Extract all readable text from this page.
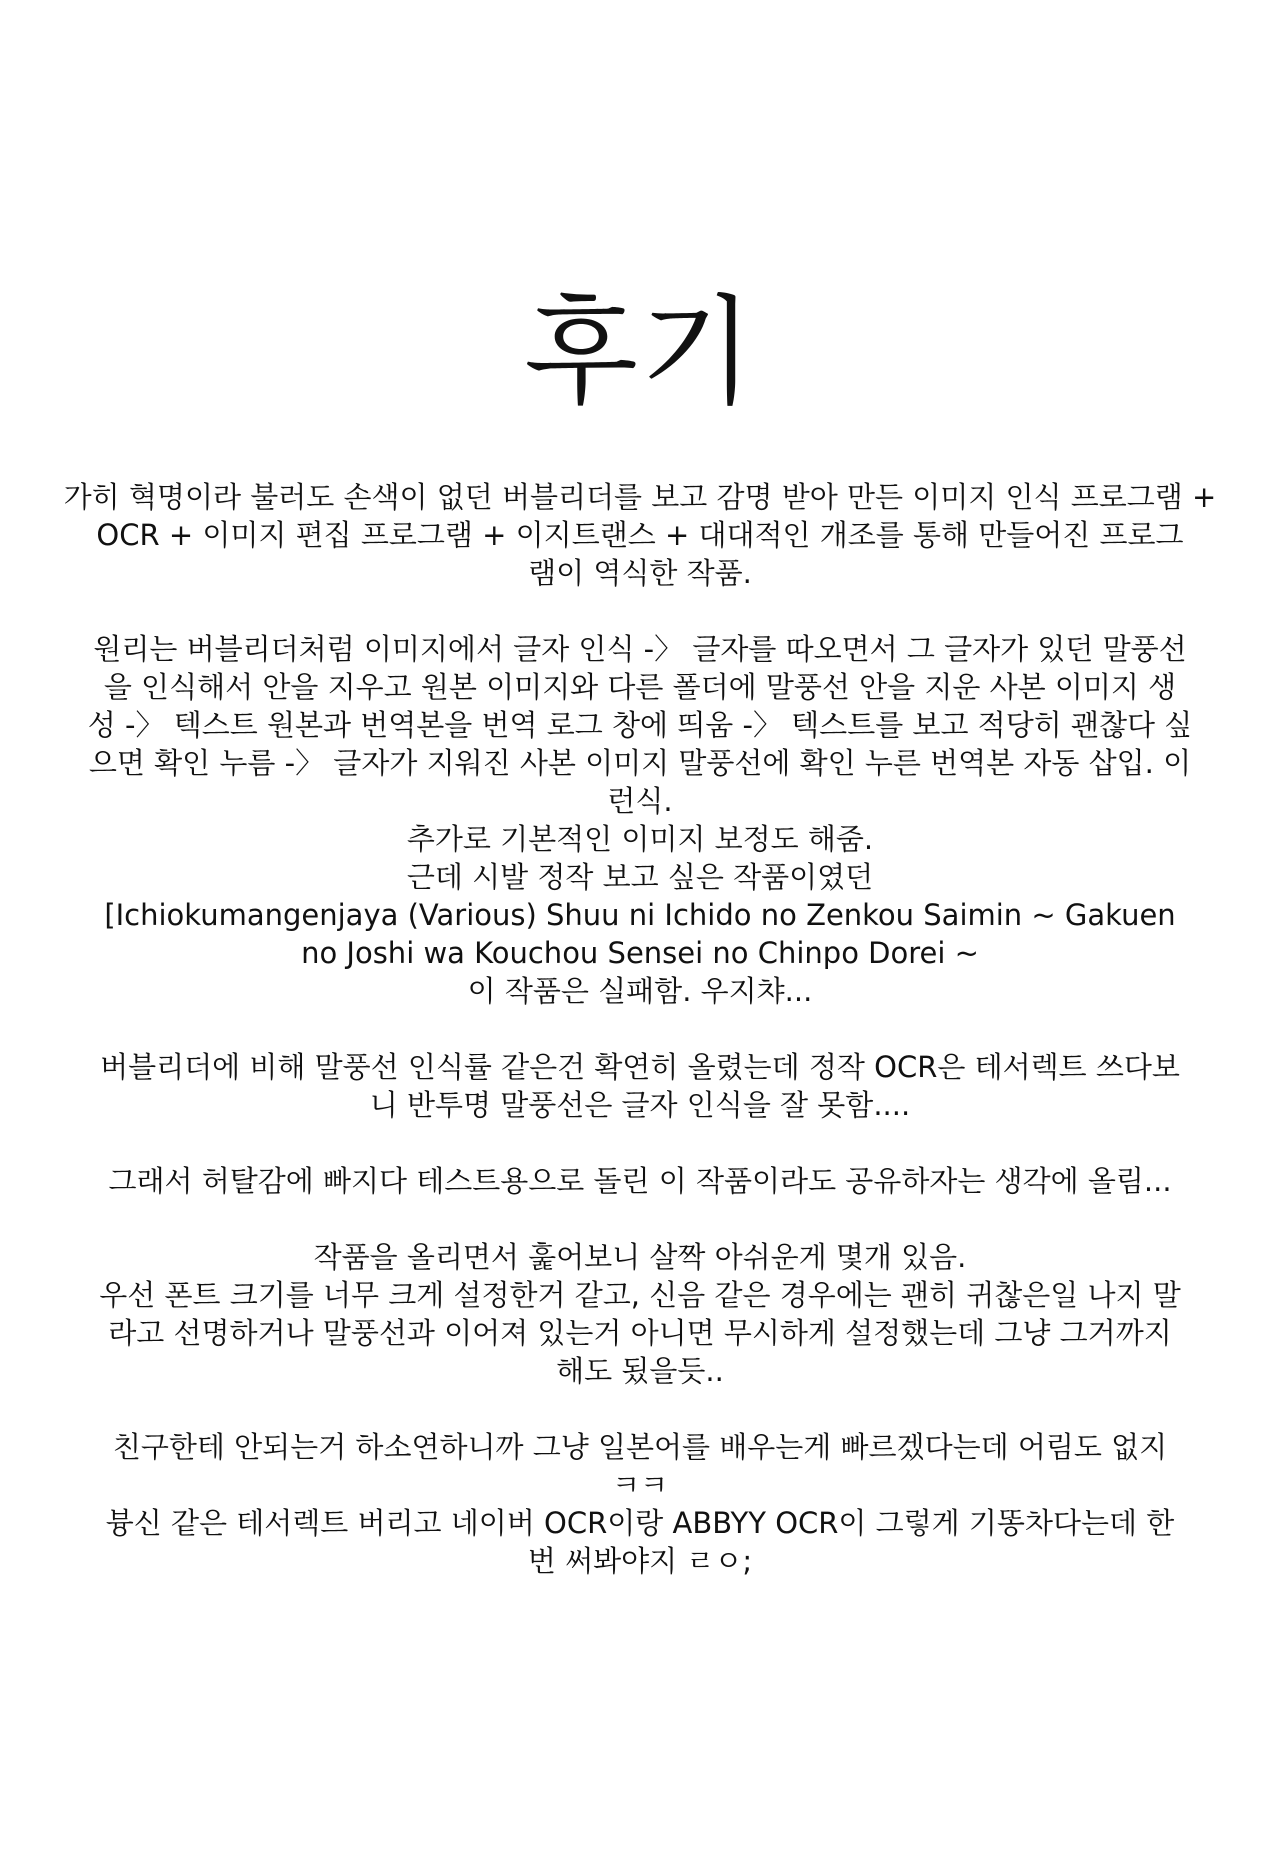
후기

가히 혁명이라 불러도 손색이 없던 버블리더를 보고 감명 받아 만든 이미지 인식 프로그램 +
OCR + 이미지 편집 프로그램 + 이지트랜스 + 대대적인 개조를 통해 만들어진 프로그
램이 역식한 작품.

원리는 버블리더처럼 이미지에서 글자 인식 -〉 글자를 따오면서 그 글자가 있던 말풍선
을 인식해서 안을 지우고 원본 이미지와 다른 폴더에 말풍선 안을 지운 사본 이미지 생
성 -〉 텍스트 원본과 번역본을 번역 로그 창에 띄움 -〉 텍스트를 보고 적당히 괜찮다 싶
으면 확인 누름 -〉 글자가 지워진 사본 이미지 말풍선에 확인 누른 번역본 자동 삽입. 이
런식.
추가로 기본적인 이미지 보정도 해줌.
근데 시발 정작 보고 싶은 작품이였던
[Ichiokumangenjaya (Various) Shuu ni Ichido no Zenkou Saimin ~ Gakuen
no Joshi wa Kouchou Sensei no Chinpo Dorei ~
이 작품은 실패함. 우지챠...

버블리더에 비해 말풍선 인식률 같은건 확연히 올렸는데 정작 OCR은 테서렉트 쓰다보
니 반투명 말풍선은 글자 인식을 잘 못함....

그래서 허탈감에 빠지다 테스트용으로 돌린 이 작품이라도 공유하자는 생각에 올림...

작품을 올리면서 훑어보니 살짝 아쉬운게 몇개 있음.
우선 폰트 크기를 너무 크게 설정한거 같고, 신음 같은 경우에는 괜히 귀찮은일 나지 말
라고 선명하거나 말풍선과 이어져 있는거 아니면 무시하게 설정했는데 그냥 그거까지
해도 됬을듯..

친구한테 안되는거 하소연하니까 그냥 일본어를 배우는게 빠르겠다는데 어림도 없지
ㅋㅋ
븅신 같은 테서렉트 버리고 네이버 OCR이랑 ABBYY OCR이 그렇게 기똥차다는데 한
번 써봐야지 ㄹㅇ;
